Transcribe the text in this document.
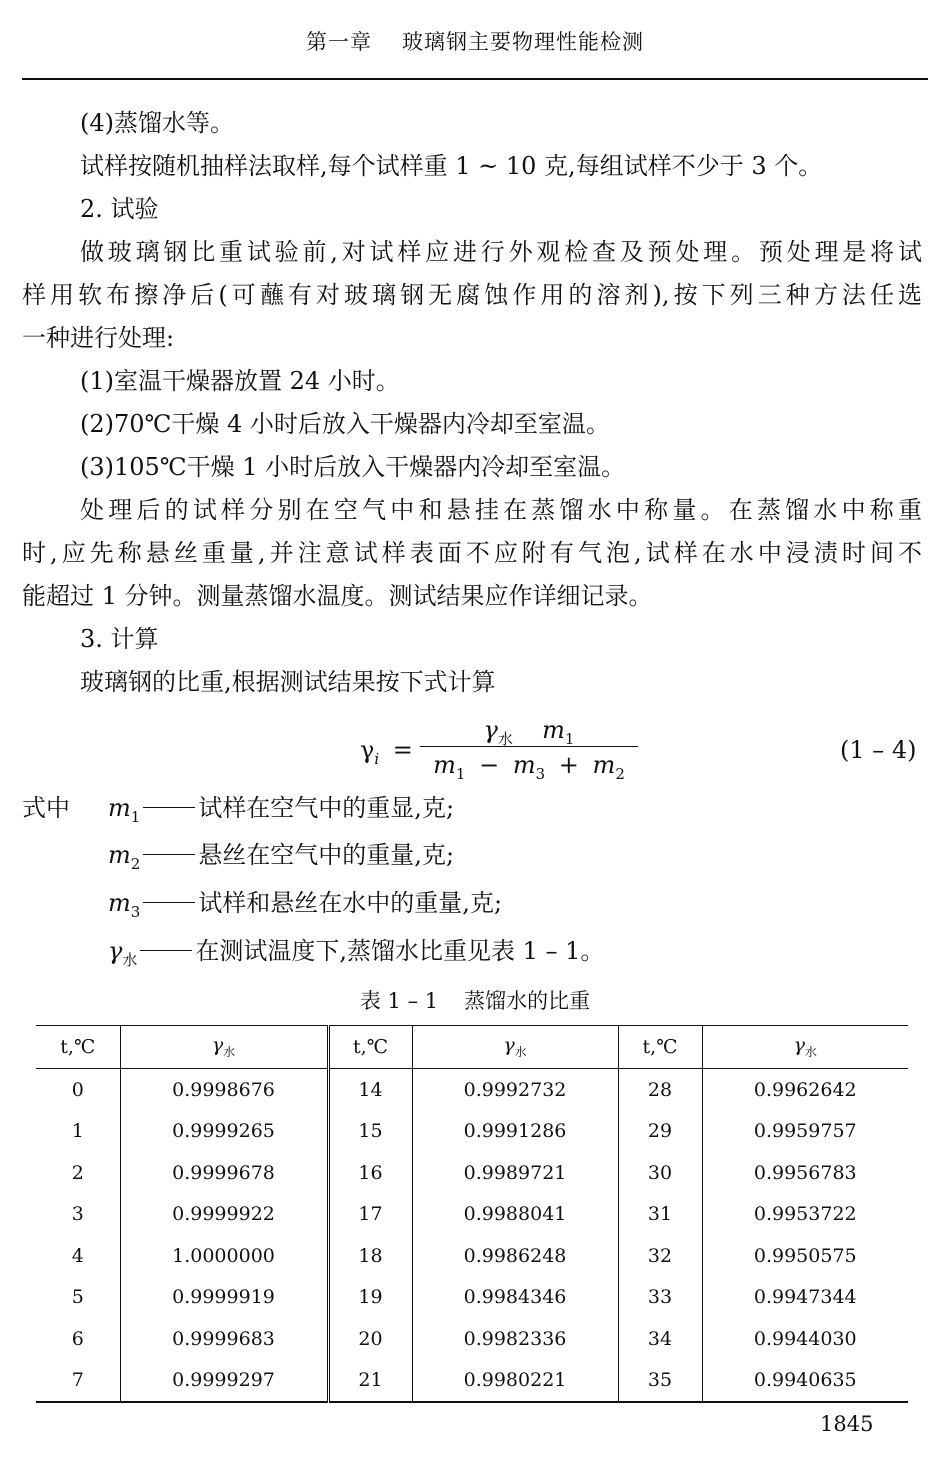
第一章 玻璃钢主要物理性能检测
(4)蒸馏水等。
试样按随机抽样法取样,每个试样重 1 ~ 10 克,每组试样不少于 3 个。
2. 试验
做玻璃钢比重试验前,对试样应进行外观检查及预处理。预处理是将试
样用软布擦净后(可蘸有对玻璃钢无腐蚀作用的溶剂),按下列三种方法任选
一种进行处理:
(1)室温干燥器放置 24 小时。
(2)70℃干燥 4 小时后放入干燥器内冷却至室温。
(3)105℃干燥 1 小时后放入干燥器内冷却至室温。
处理后的试样分别在空气中和悬挂在蒸馏水中称量。在蒸馏水中称重
时,应先称悬丝重量,并注意试样表面不应附有气泡,试样在水中浸渍时间不
能超过 1 分钟。测量蒸馏水温度。测试结果应作详细记录。
3. 计算
玻璃钢的比重,根据测试结果按下式计算
$\gamma_i$ =
$\gamma_水$ $m_1$
$m_1 - m_3 + m_2$
(1 – 4)
式中 $m_1$ 试样在空气中的重显,克;
$m_2$ 悬丝在空气中的重量,克;
$m_3$ 试样和悬丝在水中的重量,克;
$\gamma_水$ 在测试温度下,蒸馏水比重见表 1 – 1。
表 1 – 1 蒸馏水的比重
t,℃	$\gamma_水$	t,℃	$\gamma_水$	t,℃	$\gamma_水$
0	0.9998676	14	0.9992732	28	0.9962642
1	0.9999265	15	0.9991286	29	0.9959757
2	0.9999678	16	0.9989721	30	0.9956783
3	0.9999922	17	0.9988041	31	0.9953722
4	1.0000000	18	0.9986248	32	0.9950575
5	0.9999919	19	0.9984346	33	0.9947344
6	0.9999683	20	0.9982336	34	0.9944030
7	0.9999297	21	0.9980221	35	0.9940635
1845
